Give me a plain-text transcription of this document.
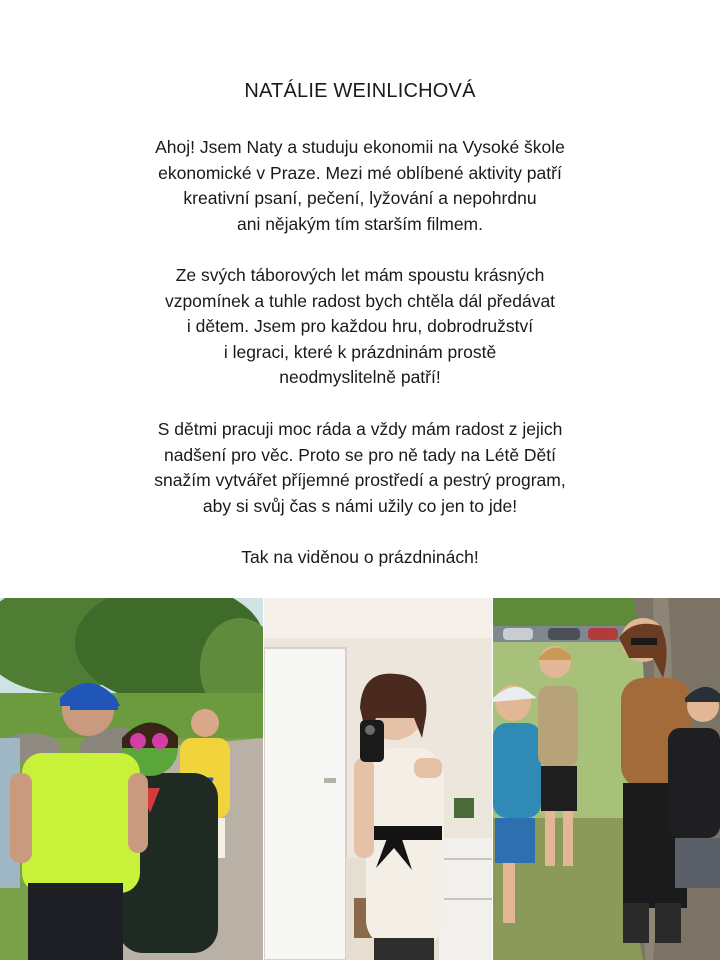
NATÁLIE WEINLICHOVÁ
Ahoj! Jsem Naty a studuju ekonomii na Vysoké škole
ekonomické v Praze. Mezi mé oblíbené aktivity patří
kreativní psaní, pečení, lyžování a nepohrdnu
ani nějakým tím starším filmem.
Ze svých táborových let mám spoustu krásných
vzpomínek a tuhle radost bych chtěla dál předávat
i dětem. Jsem pro každou hru, dobrodružství
i legraci, které k prázdninám prostě
neodmyslitelně patří!
S dětmi pracuji moc ráda a vždy mám radost z jejich
nadšení pro věc. Proto se pro ně tady na Létě Dětí
snažím vytvářet příjemné prostředí a pestrý program,
aby si svůj čas s námi užily co jen to jde!
Tak na viděnou o prázdninách!
